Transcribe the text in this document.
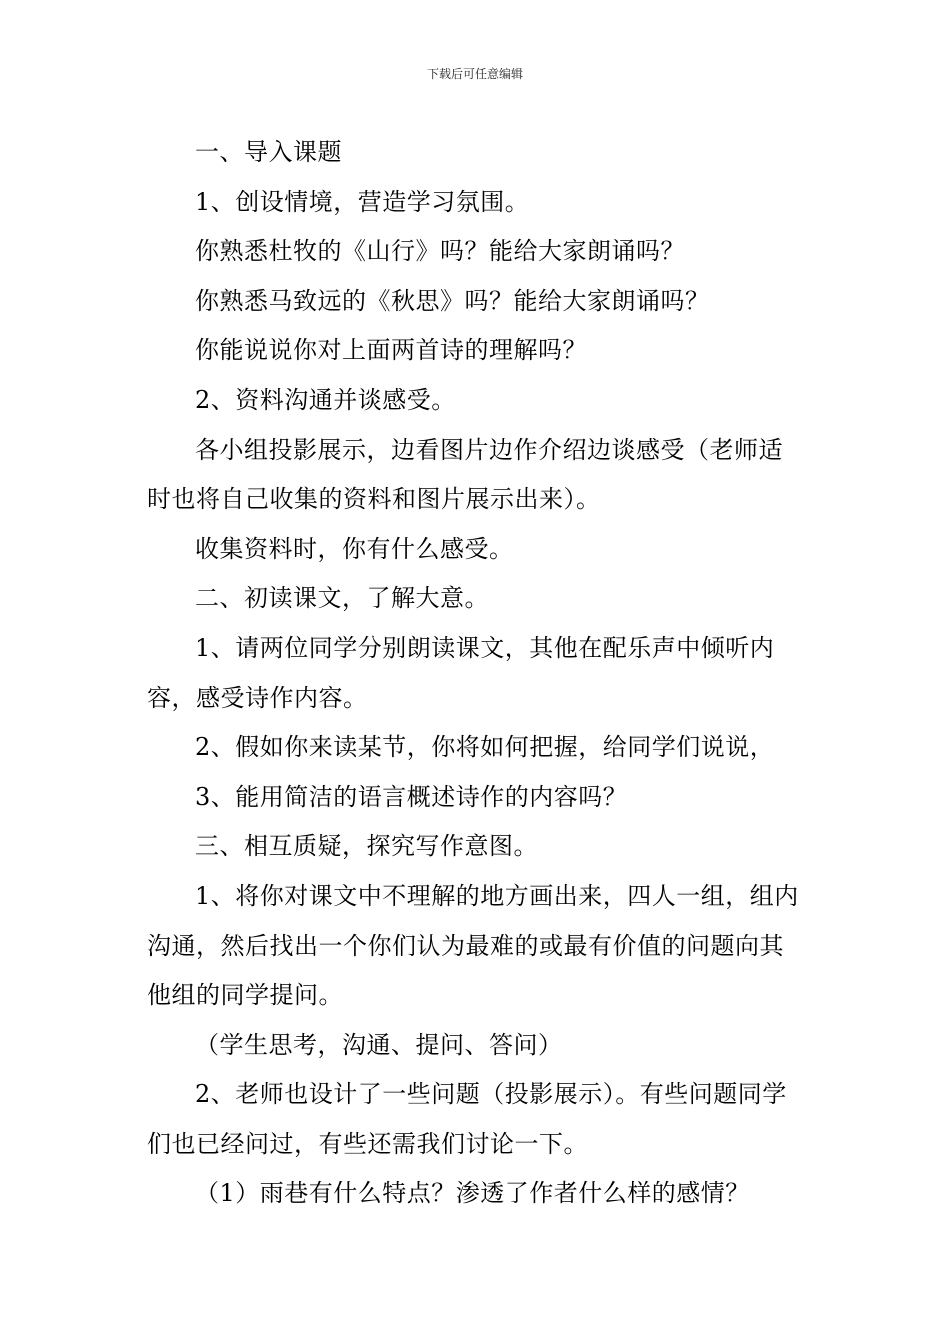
下载后可任意编辑

一、导入课题

1、创设情境，营造学习氛围。

你熟悉杜牧的《山行》吗？能给大家朗诵吗？

你熟悉马致远的《秋思》吗？能给大家朗诵吗？

你能说说你对上面两首诗的理解吗？

2、资料沟通并谈感受。

各小组投影展示，边看图片边作介绍边谈感受（老师适时也将自己收集的资料和图片展示出来）。

收集资料时，你有什么感受。

二、初读课文，了解大意。

1、请两位同学分别朗读课文，其他在配乐声中倾听内容，感受诗作内容。

2、假如你来读某节，你将如何把握，给同学们说说，

3、能用简洁的语言概述诗作的内容吗？

三、相互质疑，探究写作意图。

1、将你对课文中不理解的地方画出来，四人一组，组内沟通，然后找出一个你们认为最难的或最有价值的问题向其他组的同学提问。

（学生思考，沟通、提问、答问）

2、老师也设计了一些问题（投影展示）。有些问题同学们也已经问过，有些还需我们讨论一下。

（1）雨巷有什么特点？渗透了作者什么样的感情？
